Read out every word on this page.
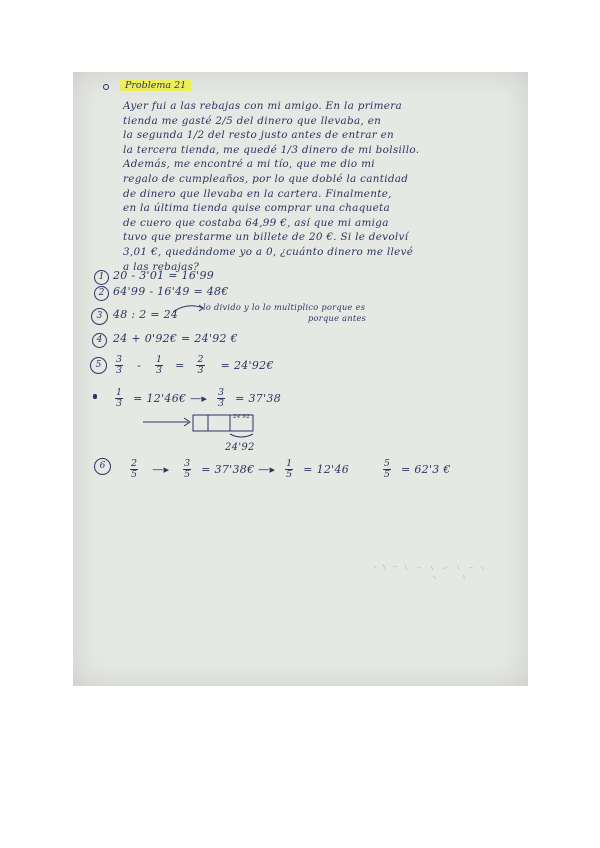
Problema 21
Ayer fui a las rebajas con mi amigo. En la primera
tienda me gasté 2/5 del dinero que llevaba, en
la segunda 1/2 del resto justo antes de entrar en
la tercera tienda, me quedé 1/3 dinero de mi bolsillo.
Además, me encontré a mi tío, que me dio mi
regalo de cumpleaños, por lo que doblé la cantidad
de dinero que llevaba en la cartera. Finalmente,
en la última tienda quise comprar una chaqueta
de cuero que costaba 64,99 €, así que mi amiga
tuvo que prestarme un billete de 20 €. Si le devolví
3,01 €, quedándome yo a 0, ¿cuánto dinero me llevé
a las rebajas?
1 20 - 3'01 = 16'99
2 64'99 - 16'49 = 48€
3 48 : 2 = 24
lo divido y lo lo multiplico porque es
porque antes
4 24 + 0'92€ = 24'92 €
5	$\frac{3}{3} - \frac{1}{3} = \frac{2}{3}$ = 24'92€
$\frac{1}{3}$ = 12'46€ —▸ $\frac{3}{3} = 37'38$
24'92
24'92
6	$\frac{2}{5}$ —▸ $\frac{3}{5}$ = 37'38€ —▸ $\frac{1}{5} = 12'46$	$\frac{5}{5} = 62'3$ €
